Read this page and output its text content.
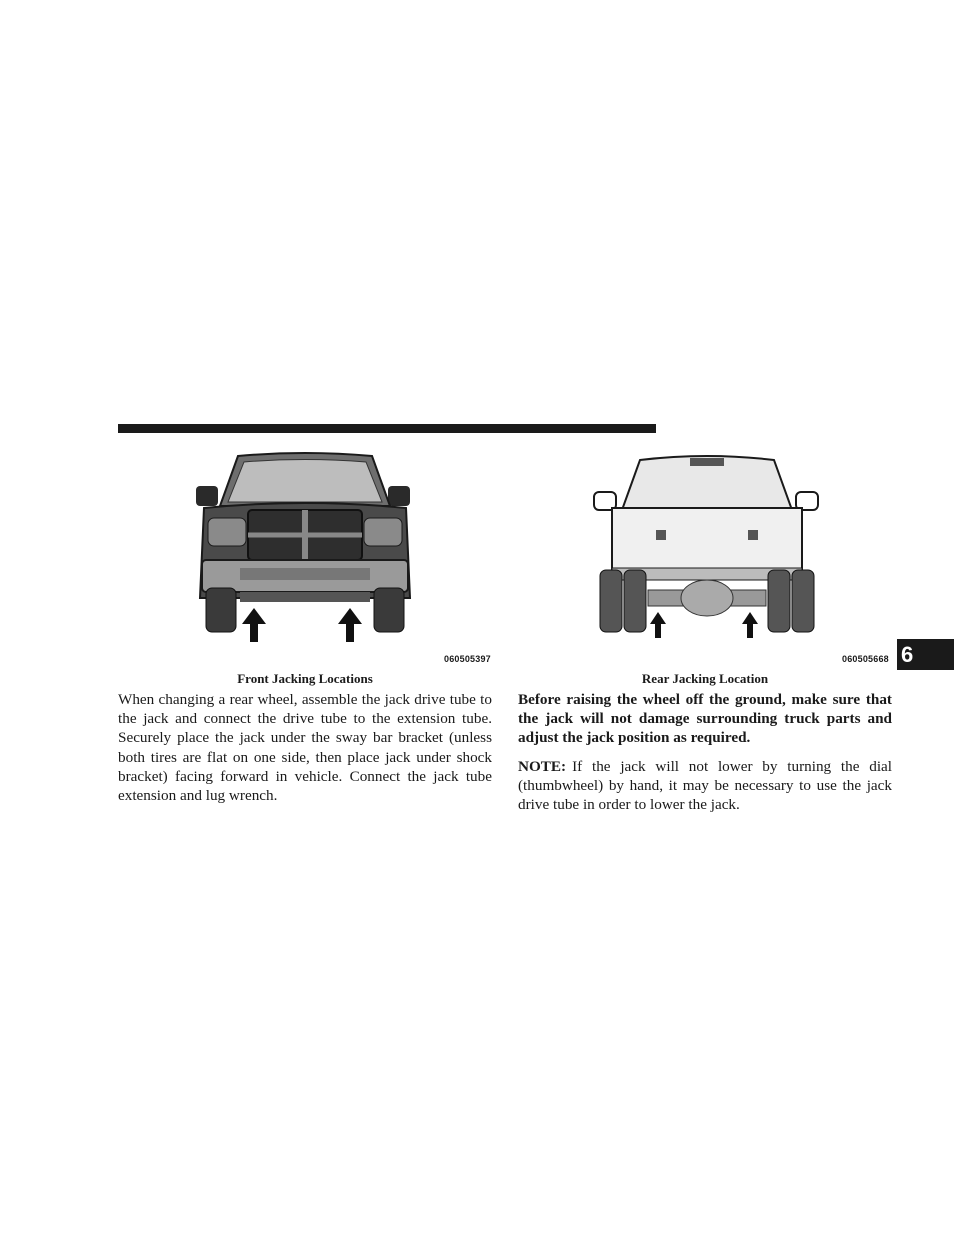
6
060505397	060505668
Front Jacking Locations	Rear Jacking Location

When changing a rear wheel, assemble the jack drive tube to the jack and connect the drive tube to the extension tube. Securely place the jack under the sway bar bracket (unless both tires are flat on one side, then place jack under shock bracket) facing forward in vehicle. Connect the jack tube extension and lug wrench.

Before raising the wheel off the ground, make sure that the jack will not damage surrounding truck parts and adjust the jack position as required.

NOTE: If the jack will not lower by turning the dial (thumbwheel) by hand, it may be necessary to use the jack drive tube in order to lower the jack.
